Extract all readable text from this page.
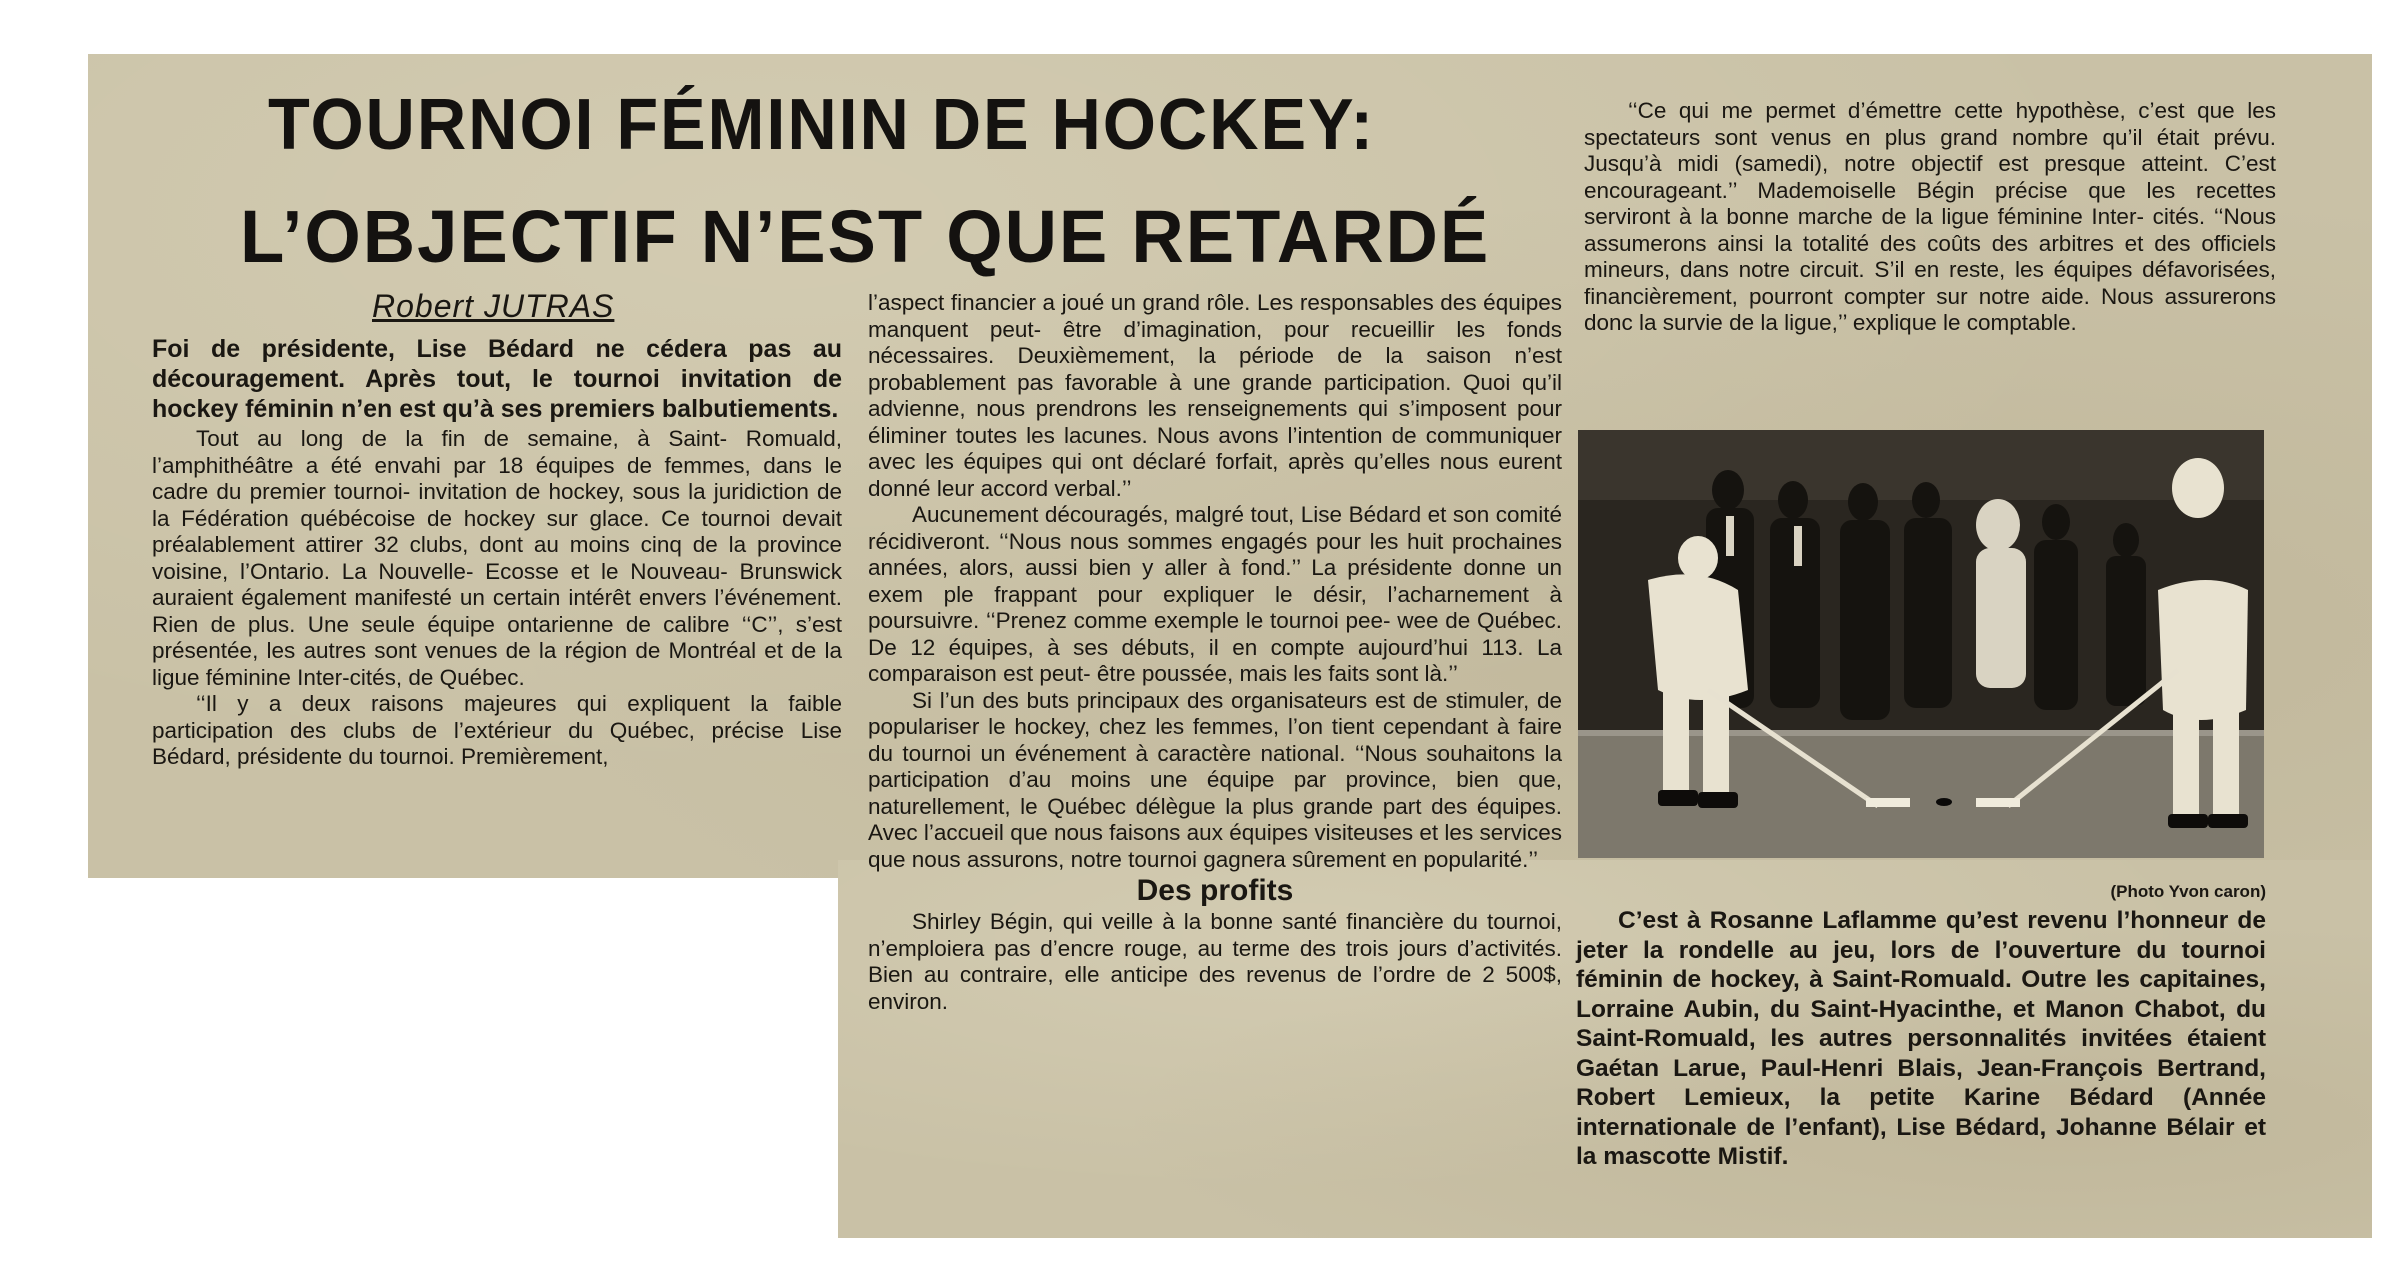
TOURNOI FÉMININ DE HOCKEY:
L’OBJECTIF N’EST QUE RETARDÉ

Robert JUTRAS

Foi de présidente, Lise Bédard ne cédera pas au découragement. Après tout, le tournoi invitation de hockey féminin n’en est qu’à ses premiers balbutiements.

Tout au long de la fin de semaine, à Saint- Romuald, l’amphithéâtre a été envahi par 18 équipes de femmes, dans le cadre du premier tournoi- invitation de hockey, sous la juridiction de la Fédération québécoise de hockey sur glace. Ce tournoi devait préalablement attirer 32 clubs, dont au moins cinq de la province voisine, l’Ontario. La Nouvelle- Ecosse et le Nouveau- Brunswick auraient également manifesté un certain intérêt envers l’événement. Rien de plus. Une seule équipe ontarienne de calibre ‘‘C’’, s’est présentée, les autres sont venues de la région de Montréal et de la ligue féminine Inter-cités, de Québec.

‘‘Il y a deux raisons majeures qui expliquent la faible participation des clubs de l’extérieur du Québec, précise Lise Bédard, présidente du tournoi. Premièrement,

l’aspect financier a joué un grand rôle. Les responsables des équipes manquent peut- être d’imagination, pour recueillir les fonds nécessaires. Deuxièmement, la période de la saison n’est probablement pas favorable à une grande participation. Quoi qu’il advienne, nous prendrons les renseignements qui s’imposent pour éliminer toutes les lacunes. Nous avons l’intention de communiquer avec les équipes qui ont déclaré forfait, après qu’elles nous eurent donné leur accord verbal.’’

Aucunement découragés, malgré tout, Lise Bédard et son comité récidiveront. ‘‘Nous nous sommes engagés pour les huit prochaines années, alors, aussi bien y aller à fond.’’ La présidente donne un exem ple frappant pour expliquer le désir, l’acharnement à poursuivre. ‘‘Prenez comme exemple le tournoi pee- wee de Québec. De 12 équipes, à ses débuts, il en compte aujourd’hui 113. La comparaison est peut- être poussée, mais les faits sont là.’’

Si l’un des buts principaux des organisateurs est de stimuler, de populariser le hockey, chez les femmes, l’on tient cependant à faire du tournoi un événement à caractère national. ‘‘Nous souhaitons la participation d’au moins une équipe par province, bien que, naturellement, le Québec délègue la plus grande part des équipes. Avec l’accueil que nous faisons aux équipes visiteuses et les services que nous assurons, notre tournoi gagnera sûrement en popularité.’’

Des profits

Shirley Bégin, qui veille à la bonne santé financière du tournoi, n’emploiera pas d’encre rouge, au terme des trois jours d’activités. Bien au contraire, elle anticipe des revenus de l’ordre de 2 500$, environ.

‘‘Ce qui me permet d’émettre cette hypothèse, c’est que les spectateurs sont venus en plus grand nombre qu’il était prévu. Jusqu’à midi (samedi), notre objectif est presque atteint. C’est encourageant.’’ Mademoiselle Bégin précise que les recettes serviront à la bonne marche de la ligue féminine Inter- cités. ‘‘Nous assumerons ainsi la totalité des coûts des arbitres et des officiels mineurs, dans notre circuit. S’il en reste, les équipes défavorisées, financièrement, pourront compter sur notre aide. Nous assurerons donc la survie de la ligue,’’ explique le comptable.

(Photo Yvon caron)

C’est à Rosanne Laflamme qu’est revenu l’honneur de jeter la rondelle au jeu, lors de l’ouverture du tournoi féminin de hockey, à Saint-Romuald. Outre les capitaines, Lorraine Aubin, du Saint-Hyacinthe, et Manon Chabot, du Saint-Romuald, les autres personnalités invitées étaient Gaétan Larue, Paul-Henri Blais, Jean-François Bertrand, Robert Lemieux, la petite Karine Bédard (Année internationale de l’enfant), Lise Bédard, Johanne Bélair et la mascotte Mistif.
